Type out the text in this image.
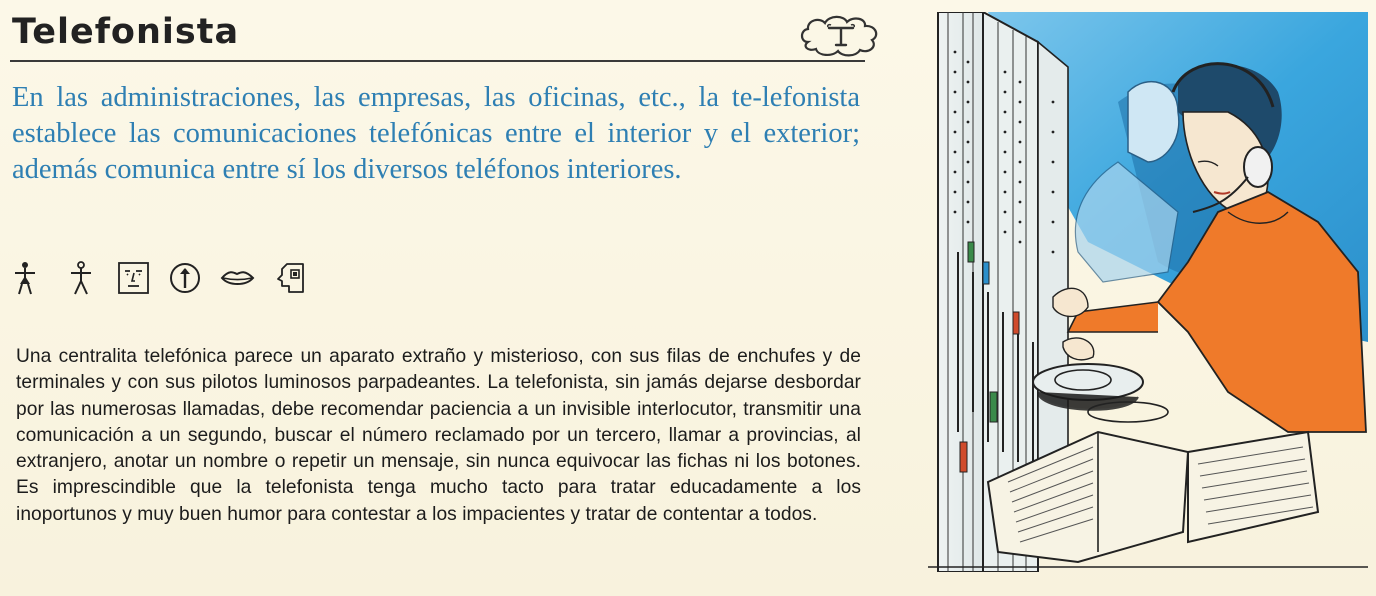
Telefonista

En las administraciones, las empresas, las oficinas, etc., la te-lefonista establece las comunicaciones telefónicas entre el interior y el exterior; además comunica entre sí los diversos teléfonos interiores.

Una centralita telefónica parece un aparato extraño y misterioso, con sus filas de enchufes y de terminales y con sus pilotos luminosos parpadeantes. La telefonista, sin jamás dejarse desbordar por las numerosas llamadas, debe recomendar paciencia a un invisible interlocutor, transmitir una comunicación a un segundo, buscar el número reclamado por un tercero, llamar a provincias, al extranjero, anotar un nombre o repetir un mensaje, sin nunca equivocar las fichas ni los botones. Es imprescindible que la telefonista tenga mucho tacto para tratar educadamente a los inoportunos y muy buen humor para contestar a los impacientes y tratar de contentar a todos.
